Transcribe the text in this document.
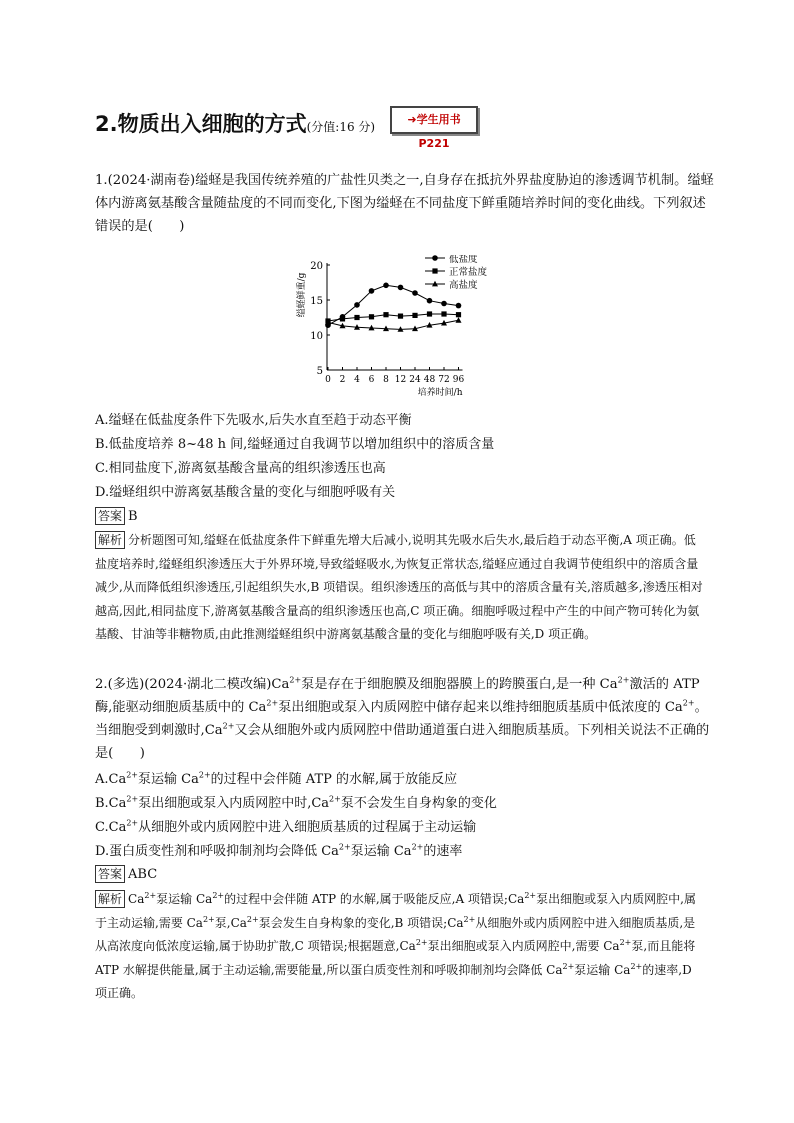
2.物质出入细胞的方式(分值:16 分)
➜学生用书 P221
1.(2024·湖南卷)缢蛏是我国传统养殖的广盐性贝类之一,自身存在抵抗外界盐度胁迫的渗透调节机制。缢蛏体内游离氨基酸含量随盐度的不同而变化,下图为缢蛏在不同盐度下鲜重随培养时间的变化曲线。下列叙述错误的是(　　)
5
10
15
20
0 2 4 6 8 12 24 48 72 96
缢蛏鲜重/g
培养时间/h
低盐度
正常盐度
高盐度
A.缢蛏在低盐度条件下先吸水,后失水直至趋于动态平衡
B.低盐度培养 8~48 h 间,缢蛏通过自我调节以增加组织中的溶质含量
C.相同盐度下,游离氨基酸含量高的组织渗透压也高
D.缢蛏组织中游离氨基酸含量的变化与细胞呼吸有关
答案 B
解析 分析题图可知,缢蛏在低盐度条件下鲜重先增大后减小,说明其先吸水后失水,最后趋于动态平衡,A 项正确。低盐度培养时,缢蛏组织渗透压大于外界环境,导致缢蛏吸水,为恢复正常状态,缢蛏应通过自我调节使组织中的溶质含量减少,从而降低组织渗透压,引起组织失水,B 项错误。组织渗透压的高低与其中的溶质含量有关,溶质越多,渗透压相对越高,因此,相同盐度下,游离氨基酸含量高的组织渗透压也高,C 项正确。细胞呼吸过程中产生的中间产物可转化为氨基酸、甘油等非糖物质,由此推测缢蛏组织中游离氨基酸含量的变化与细胞呼吸有关,D 项正确。
2.(多选)(2024·湖北二模改编)$Ca^{2+}$泵是存在于细胞膜及细胞器膜上的跨膜蛋白,是一种 $Ca^{2+}$激活的 ATP 酶,能驱动细胞质基质中的 $Ca^{2+}$泵出细胞或泵入内质网腔中储存起来以维持细胞质基质中低浓度的 $Ca^{2+}$。当细胞受到刺激时$,Ca^{2+}$又会从细胞外或内质网腔中借助通道蛋白进入细胞质基质。下列相关说法不正确的是(　　)
$A.Ca^{2+}$泵运输 $Ca^{2+}$的过程中会伴随 ATP 的水解,属于放能反应
$B.Ca^{2+}$泵出细胞或泵入内质网腔中时$,Ca^{2+}$泵不会发生自身构象的变化
$C.Ca^{2+}$从细胞外或内质网腔中进入细胞质基质的过程属于主动运输
D.蛋白质变性剂和呼吸抑制剂均会降低 $Ca^{2+}$泵运输 $Ca^{2+}$的速率
答案 ABC
解析 $Ca^{2+}$泵运输 $Ca^{2+}$的过程中会伴随 ATP 的水解,属于吸能反应,A 项错误$;Ca^{2+}$泵出细胞或泵入内质网腔中,属于主动运输,需要 $Ca^{2+}$泵$,Ca^{2+}$泵会发生自身构象的变化,B 项错误$;Ca^{2+}$从细胞外或内质网腔中进入细胞质基质,是从高浓度向低浓度运输,属于协助扩散,C 项错误;根据题意$,Ca^{2+}$泵出细胞或泵入内质网腔中,需要 $Ca^{2+}$泵,而且能将 ATP 水解提供能量,属于主动运输,需要能量,所以蛋白质变性剂和呼吸抑制剂均会降低 $Ca^{2+}$泵运输 $Ca^{2+}$的速率,D 项正确。
